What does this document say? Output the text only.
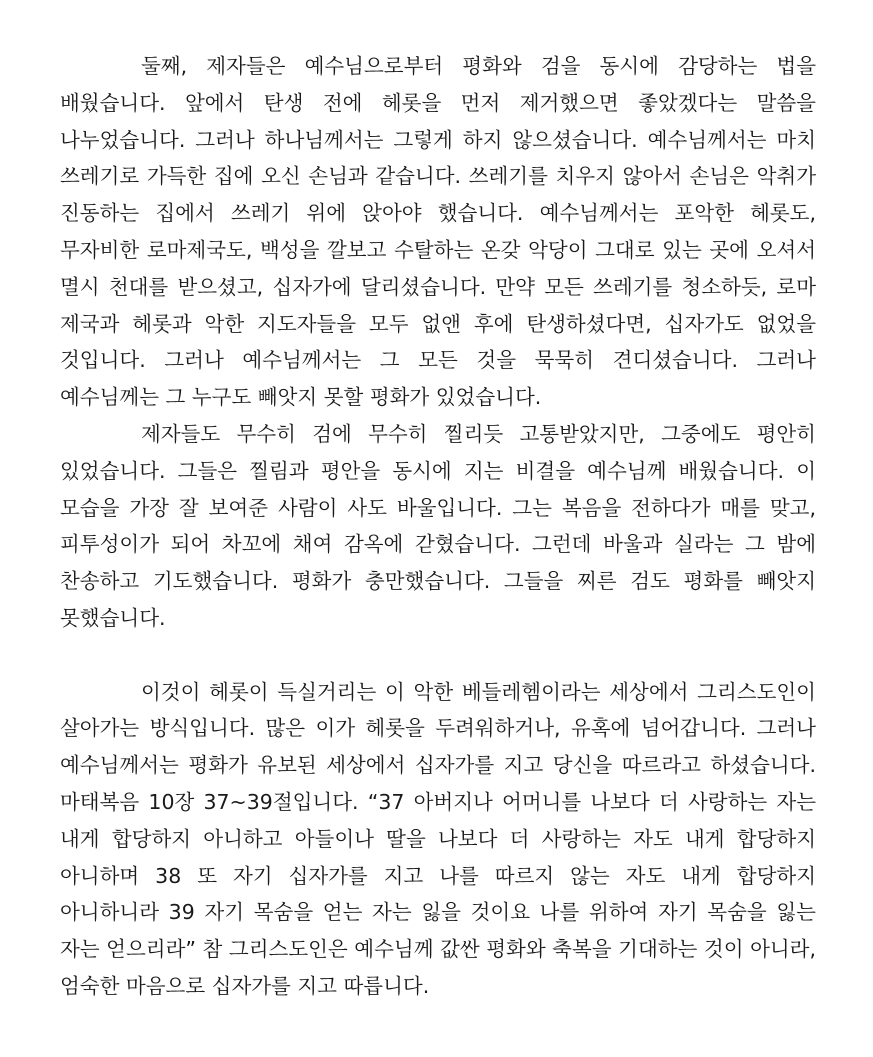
둘째, 제자들은 예수님으로부터 평화와 검을 동시에 감당하는 법을 배웠습니다. 앞에서 탄생 전에 헤롯을 먼저 제거했으면 좋았겠다는 말씀을 나누었습니다. 그러나 하나님께서는 그렇게 하지 않으셨습니다. 예수님께서는 마치 쓰레기로 가득한 집에 오신 손님과 같습니다. 쓰레기를 치우지 않아서 손님은 악취가 진동하는 집에서 쓰레기 위에 앉아야 했습니다. 예수님께서는 포악한 헤롯도, 무자비한 로마제국도, 백성을 깔보고 수탈하는 온갖 악당이 그대로 있는 곳에 오셔서 멸시 천대를 받으셨고, 십자가에 달리셨습니다. 만약 모든 쓰레기를 청소하듯, 로마 제국과 헤롯과 악한 지도자들을 모두 없앤 후에 탄생하셨다면, 십자가도 없었을 것입니다. 그러나 예수님께서는 그 모든 것을 묵묵히 견디셨습니다. 그러나 예수님께는 그 누구도 빼앗지 못할 평화가 있었습니다.

제자들도 무수히 검에 무수히 찔리듯 고통받았지만, 그중에도 평안히 있었습니다. 그들은 찔림과 평안을 동시에 지는 비결을 예수님께 배웠습니다. 이 모습을 가장 잘 보여준 사람이 사도 바울입니다. 그는 복음을 전하다가 매를 맞고, 피투성이가 되어 차꼬에 채여 감옥에 갇혔습니다. 그런데 바울과 실라는 그 밤에 찬송하고 기도했습니다. 평화가 충만했습니다. 그들을 찌른 검도 평화를 빼앗지 못했습니다.

이것이 헤롯이 득실거리는 이 악한 베들레헴이라는 세상에서 그리스도인이 살아가는 방식입니다. 많은 이가 헤롯을 두려워하거나, 유혹에 넘어갑니다. 그러나 예수님께서는 평화가 유보된 세상에서 십자가를 지고 당신을 따르라고 하셨습니다. 마태복음 10장 37~39절입니다. “37 아버지나 어머니를 나보다 더 사랑하는 자는 내게 합당하지 아니하고 아들이나 딸을 나보다 더 사랑하는 자도 내게 합당하지 아니하며 38 또 자기 십자가를 지고 나를 따르지 않는 자도 내게 합당하지 아니하니라 39 자기 목숨을 얻는 자는 잃을 것이요 나를 위하여 자기 목숨을 잃는 자는 얻으리라” 참 그리스도인은 예수님께 값싼 평화와 축복을 기대하는 것이 아니라, 엄숙한 마음으로 십자가를 지고 따릅니다.
